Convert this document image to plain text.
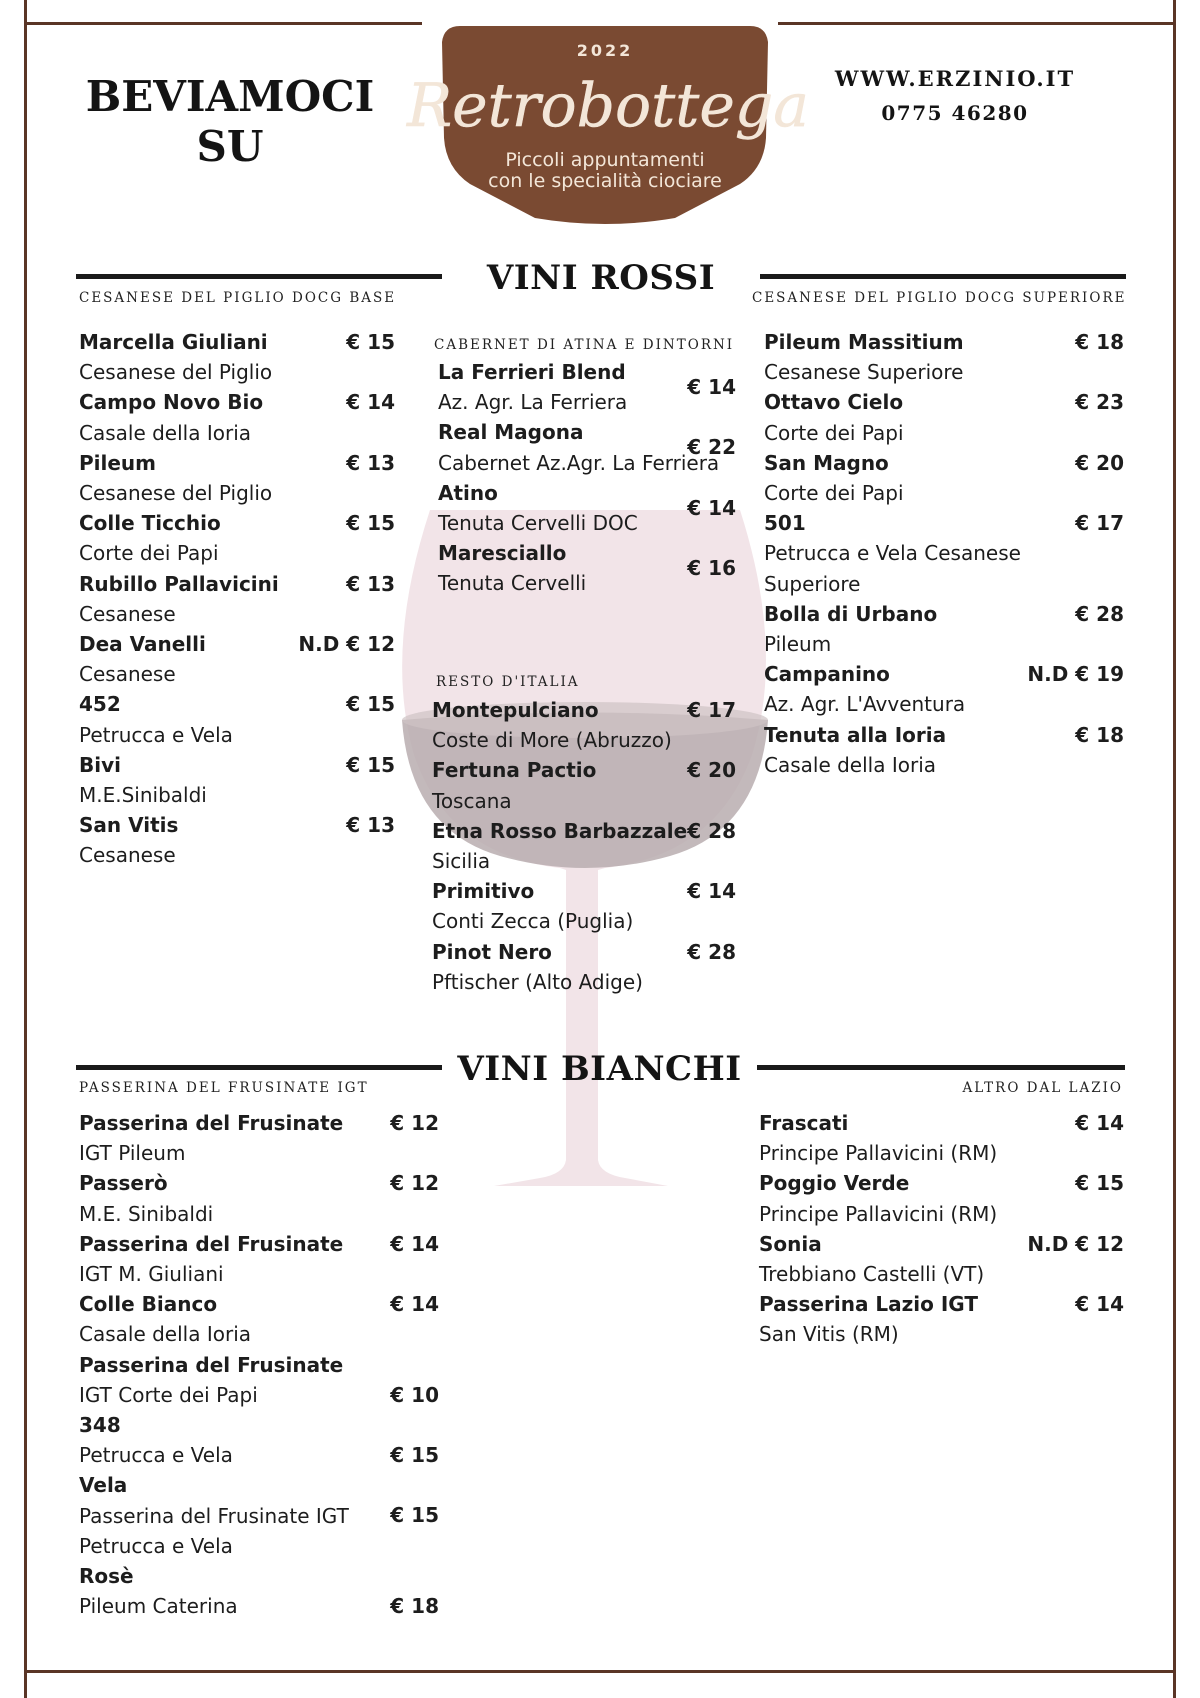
BEVIAMOCI
SU
WWW.ERZINIO.IT
0775 46280
2022
Retrobottega
Piccoli appuntamenti
con le specialità ciociare
VINI ROSSI
CESANESE DEL PIGLIO DOCG BASE
CABERNET DI ATINA E DINTORNI
RESTO D'ITALIA
CESANESE DEL PIGLIO DOCG SUPERIORE
Marcella Giuliani
Cesanese del Piglio
€ 15
Campo Novo Bio
Casale della Ioria
€ 14
Pileum
Cesanese del Piglio
€ 13
Colle Ticchio
Corte dei Papi
€ 15
Rubillo Pallavicini
Cesanese
€ 13
Dea Vanelli
Cesanese
N.D € 12
452
Petrucca e Vela
€ 15
Bivi
M.E.Sinibaldi
€ 15
San Vitis
Cesanese
€ 13
La Ferrieri Blend
Az. Agr. La Ferriera
€ 14
Real Magona
Cabernet Az.Agr. La Ferriera
€ 22
Atino
Tenuta Cervelli DOC
€ 14
Maresciallo
Tenuta Cervelli
€ 16
Montepulciano
Coste di More (Abruzzo)
€ 17
Fertuna Pactio
Toscana
€ 20
Etna Rosso Barbazzale
Sicilia
€ 28
Primitivo
Conti Zecca (Puglia)
€ 14
Pinot Nero
Pftischer (Alto Adige)
€ 28
Pileum Massitium
Cesanese Superiore
€ 18
Ottavo Cielo
Corte dei Papi
€ 23
San Magno
Corte dei Papi
€ 20
501
Petrucca e Vela Cesanese
Superiore
€ 17
Bolla di Urbano
Pileum
€ 28
Campanino
Az. Agr. L'Avventura
N.D € 19
Tenuta alla Ioria
Casale della Ioria
€ 18
VINI BIANCHI
PASSERINA DEL FRUSINATE IGT	ALTRO DAL LAZIO
Passerina del Frusinate
IGT Pileum
€ 12
Passerò
M.E. Sinibaldi
€ 12
Passerina del Frusinate
IGT M. Giuliani
€ 14
Colle Bianco
Casale della Ioria
€ 14
Passerina del Frusinate
IGT Corte dei Papi	€ 10
348
Petrucca e Vela	€ 15
Vela
Passerina del Frusinate IGT
Petrucca e Vela
€ 15
Rosè
Pileum Caterina	€ 18
Frascati
Principe Pallavicini (RM)
€ 14
Poggio Verde
Principe Pallavicini (RM)
€ 15
Sonia
Trebbiano Castelli (VT)
N.D € 12
Passerina Lazio IGT
San Vitis (RM)
€ 14
